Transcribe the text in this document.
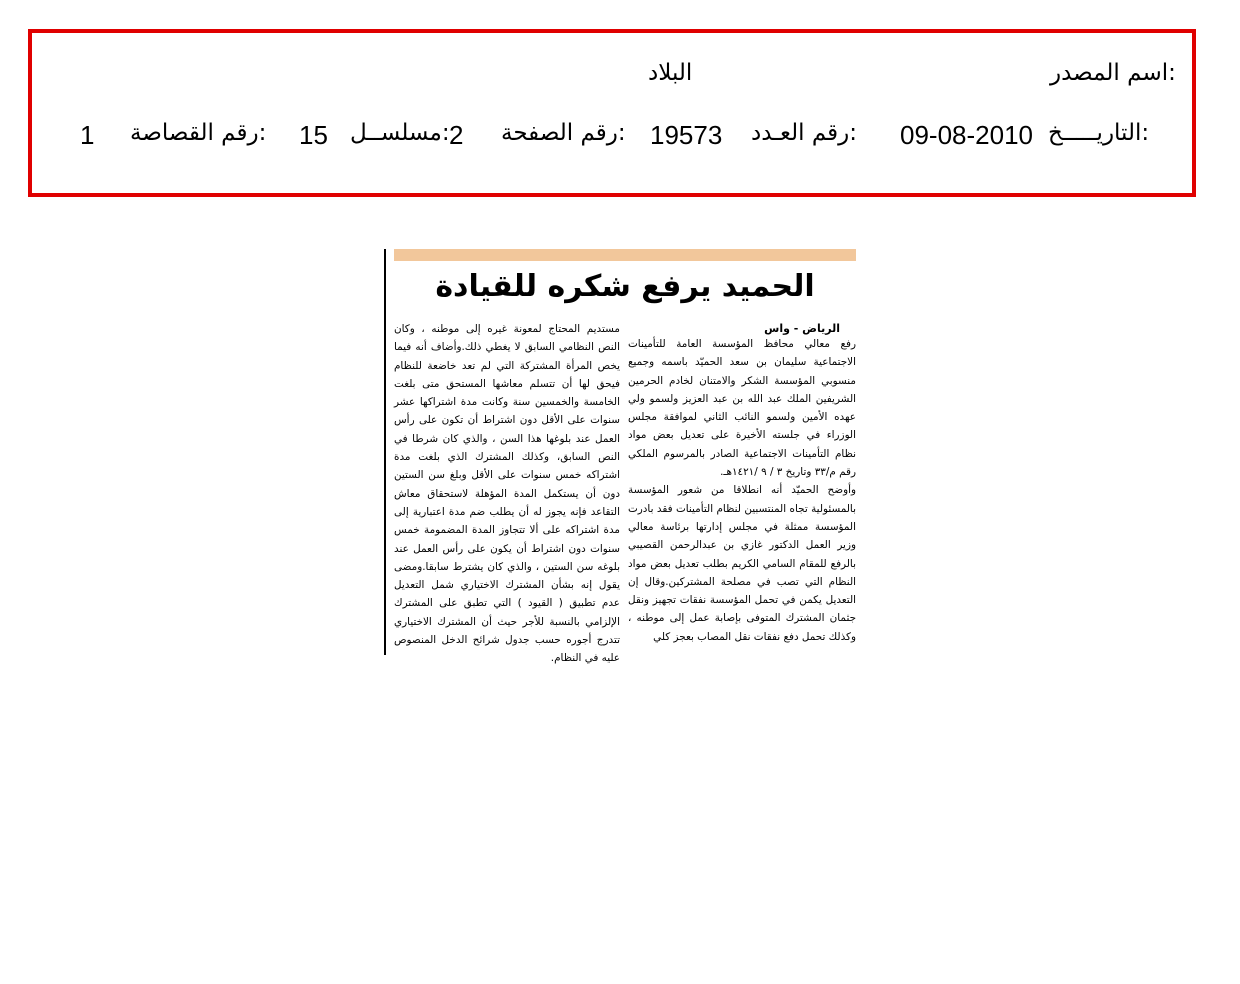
اسم المصدر:
البلاد
التاريـــــخ:
09-08-2010
رقم العـدد:
19573
رقم الصفحة:
2
مسلســل:
15
رقم القصاصة:
1
الحميد يرفع شكره للقيادة
الرياض - واس

رفع معالي محافظ المؤسسة العامة للتأمينات الاجتماعية سليمان بن سعد الحميّد باسمه وجميع منسوبي المؤسسة الشكر والامتنان لخادم الحرمين الشريفين الملك عبد الله بن عبد العزيز ولسمو ولي عهده الأمين ولسمو النائب الثاني لموافقة مجلس الوزراء في جلسته الأخيرة على تعديل بعض مواد نظام التأمينات الاجتماعية الصادر بالمرسوم الملكي رقم م/٣٣ وتاريخ ٣ / ٩ /١٤٢١هـ.

وأوضح الحميّد أنه انطلاقا من شعور المؤسسة بالمسئولية تجاه المنتسبين لنظام التأمينات فقد بادرت المؤسسة ممثلة في مجلس إدارتها برئاسة معالي وزير العمل الدكتور غازي بن عبدالرحمن القصيبي بالرفع للمقام السامي الكريم بطلب تعديل بعض مواد النظام التي تصب في مصلحة المشتركين.وقال إن التعديل يكمن في تحمل المؤسسة نفقات تجهيز ونقل جثمان المشترك المتوفى بإصابة عمل إلى موطنه ، وكذلك تحمل دفع نفقات نقل المصاب بعجز كلي

مستديم المحتاج لمعونة غيره إلى موطنه ، وكان النص النظامي السابق لا يغطي ذلك.وأضاف أنه فيما يخص المرأة المشتركة التي لم تعد خاضعة للنظام فيحق لها أن تتسلم معاشها المستحق متى بلغت الخامسة والخمسين سنة وكانت مدة اشتراكها عشر سنوات على الأقل دون اشتراط أن تكون على رأس العمل عند بلوغها هذا السن ، والذي كان شرطا في النص السابق، وكذلك المشترك الذي بلغت مدة اشتراكه خمس سنوات على الأقل وبلغ سن الستين دون أن يستكمل المدة المؤهلة لاستحقاق معاش التقاعد فإنه يجوز له أن يطلب ضم مدة اعتبارية إلى مدة اشتراكه على ألا تتجاوز المدة المضمومة خمس سنوات دون اشتراط أن يكون على رأس العمل عند بلوغه سن الستين ، والذي كان يشترط سابقا.ومضى يقول إنه بشأن المشترك الاختياري شمل التعديل عدم تطبيق ( القيود ) التي تطبق على المشترك الإلزامي بالنسبة للأجر حيث أن المشترك الاختياري تتدرج أجوره حسب جدول شرائح الدخل المنصوص عليه في النظام.
